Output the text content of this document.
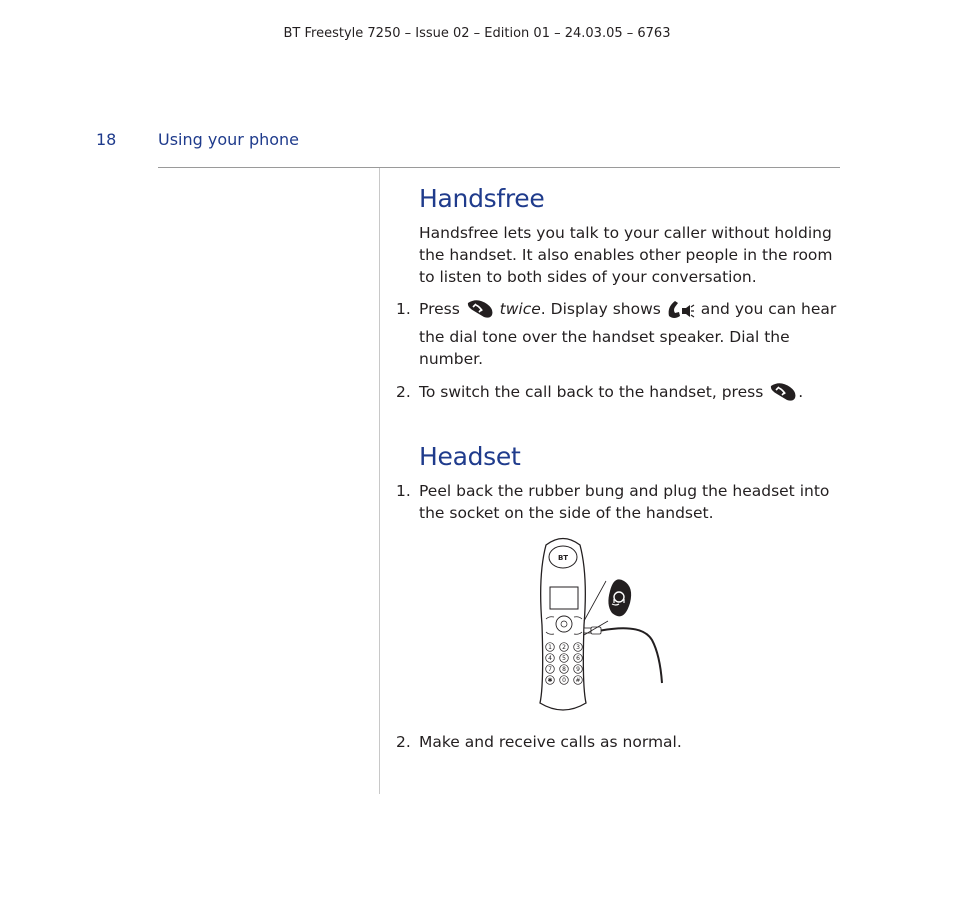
BT Freestyle 7250 – Issue 02 – Edition 01 – 24.03.05 – 6763
18	Using your phone
Handsfree

Handsfree lets you talk to your caller without holding the handset. It also enables other people in the room to listen to both sides of your conversation.

1. Press	twice. Display shows	and you can hear the dial tone over the handset speaker. Dial the number.
2. To switch the call back to the handset, press .
Headset
1. Peel back the rubber bung and plug the headset into the socket on the side of the handset.
BT
1 2 3
4 5 6
7 8 9
✱ 0 #
2. Make and receive calls as normal.
